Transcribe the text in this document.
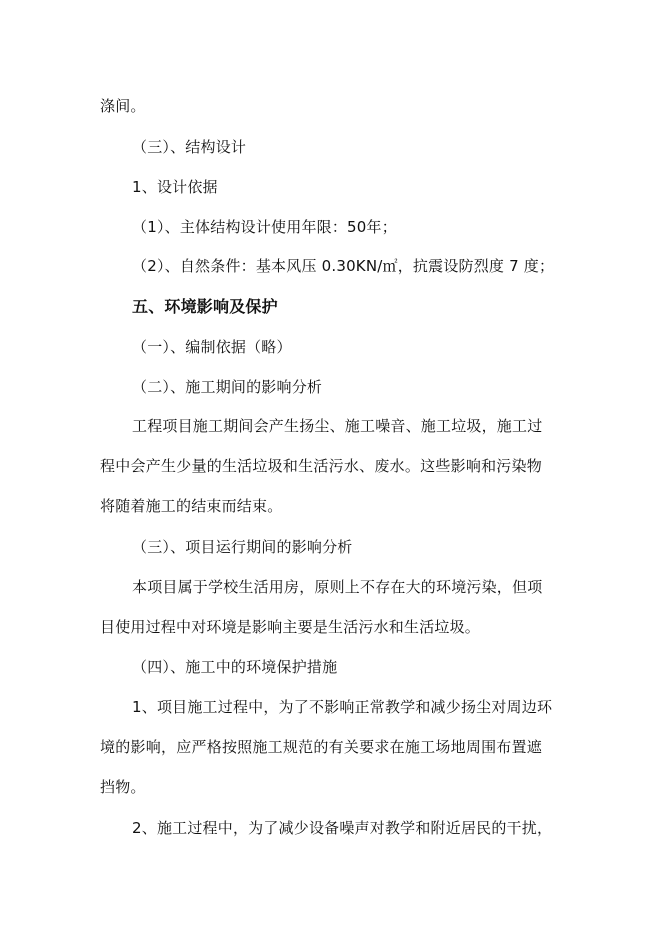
涤间。
（三）、结构设计
1、设计依据
（1）、主体结构设计使用年限：50年；
（2）、自然条件：基本风压 0.30KN/㎡，抗震设防烈度 7 度；
五、环境影响及保护
（一）、编制依据（略）
（二）、施工期间的影响分析
工程项目施工期间会产生扬尘、施工噪音、施工垃圾，施工过
程中会产生少量的生活垃圾和生活污水、废水。这些影响和污染物
将随着施工的结束而结束。
（三）、项目运行期间的影响分析
本项目属于学校生活用房，原则上不存在大的环境污染，但项
目使用过程中对环境是影响主要是生活污水和生活垃圾。
（四）、施工中的环境保护措施
1、项目施工过程中，为了不影响正常教学和减少扬尘对周边环
境的影响，应严格按照施工规范的有关要求在施工场地周围布置遮
挡物。
2、施工过程中，为了减少设备噪声对教学和附近居民的干扰，
